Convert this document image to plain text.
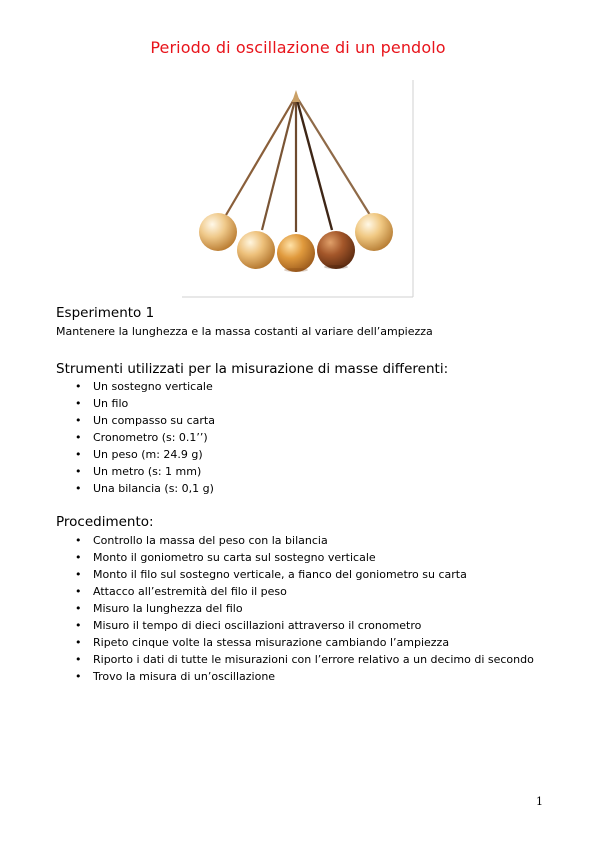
Periodo di oscillazione di un pendolo
Esperimento 1
Mantenere la lunghezza e la massa costanti al variare dell’ampiezza
Strumenti utilizzati per la misurazione di masse differenti:
• Un sostegno verticale
• Un filo
• Un compasso su carta
• Cronometro (s: 0.1’’)
• Un peso (m: 24.9 g)
• Un metro (s: 1 mm)
• Una bilancia (s: 0,1 g)
Procedimento:
• Controllo la massa del peso con la bilancia
• Monto il goniometro su carta sul sostegno verticale
• Monto il filo sul sostegno verticale, a fianco del goniometro su carta
• Attacco all’estremità del filo il peso
• Misuro la lunghezza del filo
• Misuro il tempo di dieci oscillazioni attraverso il cronometro
• Ripeto cinque volte la stessa misurazione cambiando l’ampiezza
• Riporto i dati di tutte le misurazioni con l’errore relativo a un decimo di secondo
• Trovo la misura di un’oscillazione
1
